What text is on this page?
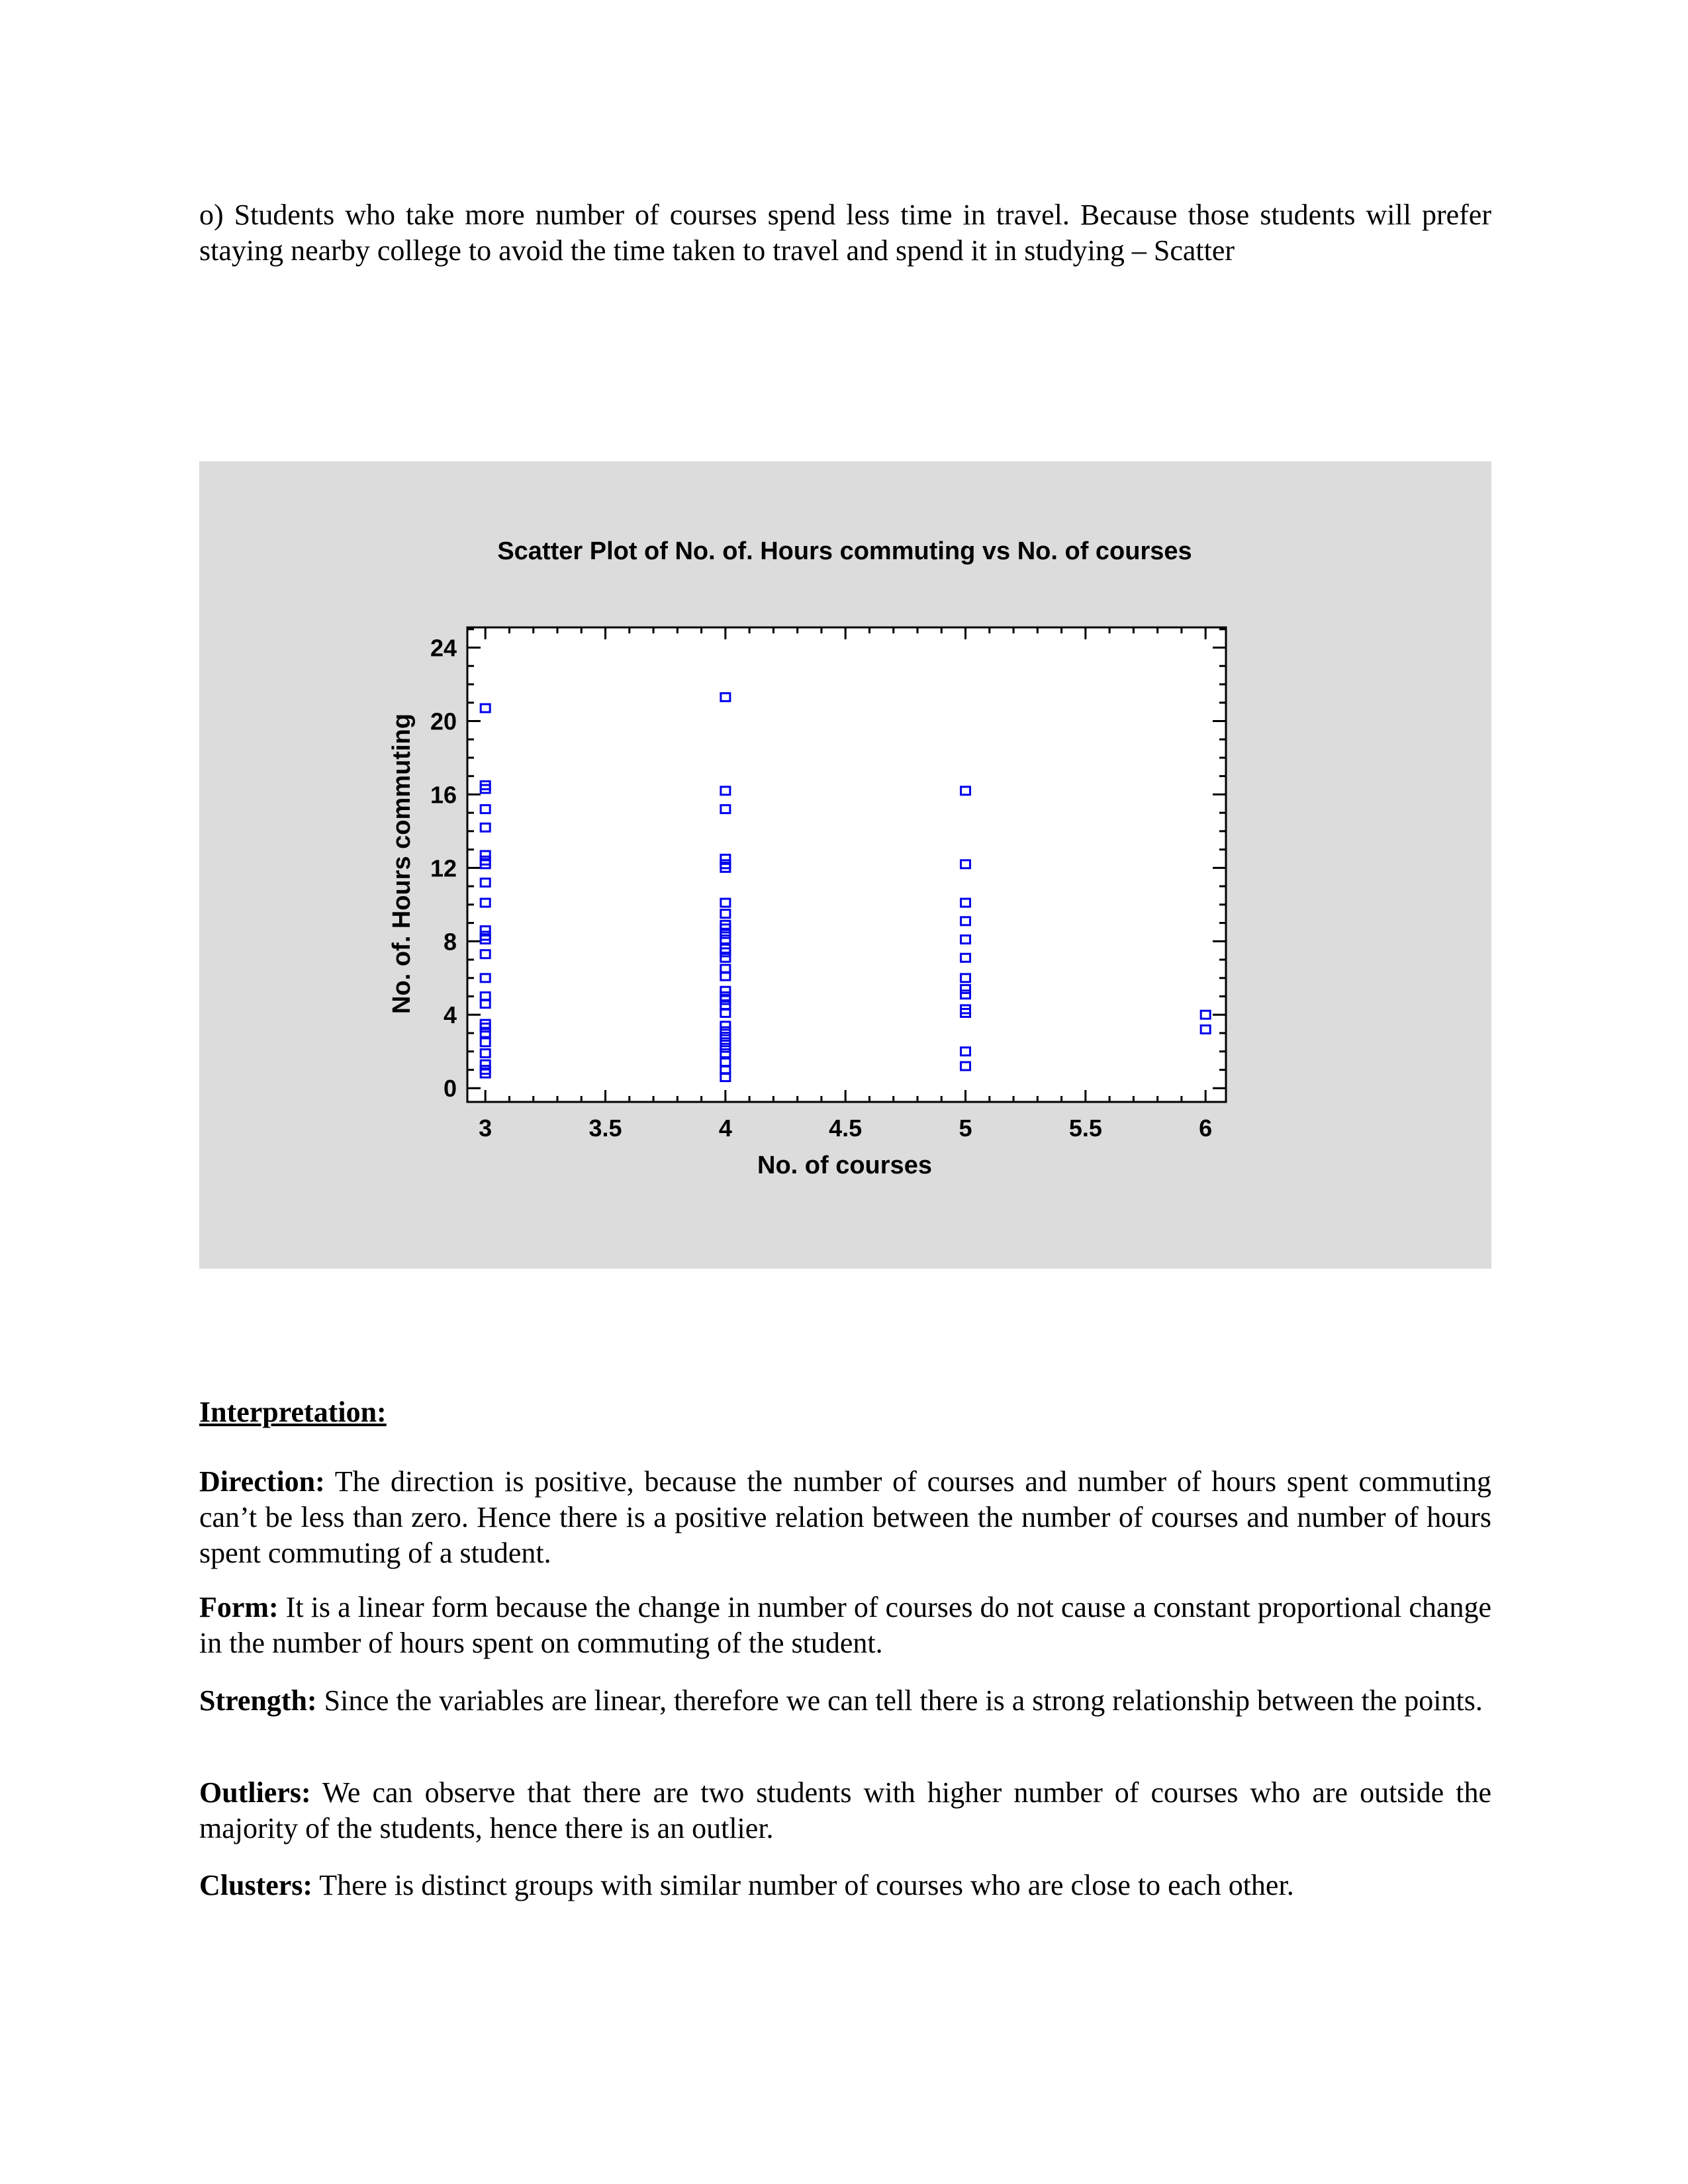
o) Students who take more number of courses spend less time in travel. Because those students will prefer staying nearby college to avoid the time taken to travel and spend it in studying – Scatter

Scatter Plot of No. of. Hours commuting vs No. of courses
No. of courses
No. of. Hours commuting
3	3.5	4	4.5	5	5.5	6
0
4
8
12
16
20
24
Interpretation:

Direction: The direction is positive, because the number of courses and number of hours spent commuting can’t be less than zero. Hence there is a positive relation between the number of courses and number of hours spent commuting of a student.

Form: It is a linear form because the change in number of courses do not cause a constant proportional change in the number of hours spent on commuting of the student.

Strength: Since the variables are linear, therefore we can tell there is a strong relationship between the points.

Outliers: We can observe that there are two students with higher number of courses who are outside the majority of the students, hence there is an outlier.

Clusters: There is distinct groups with similar number of courses who are close to each other.
